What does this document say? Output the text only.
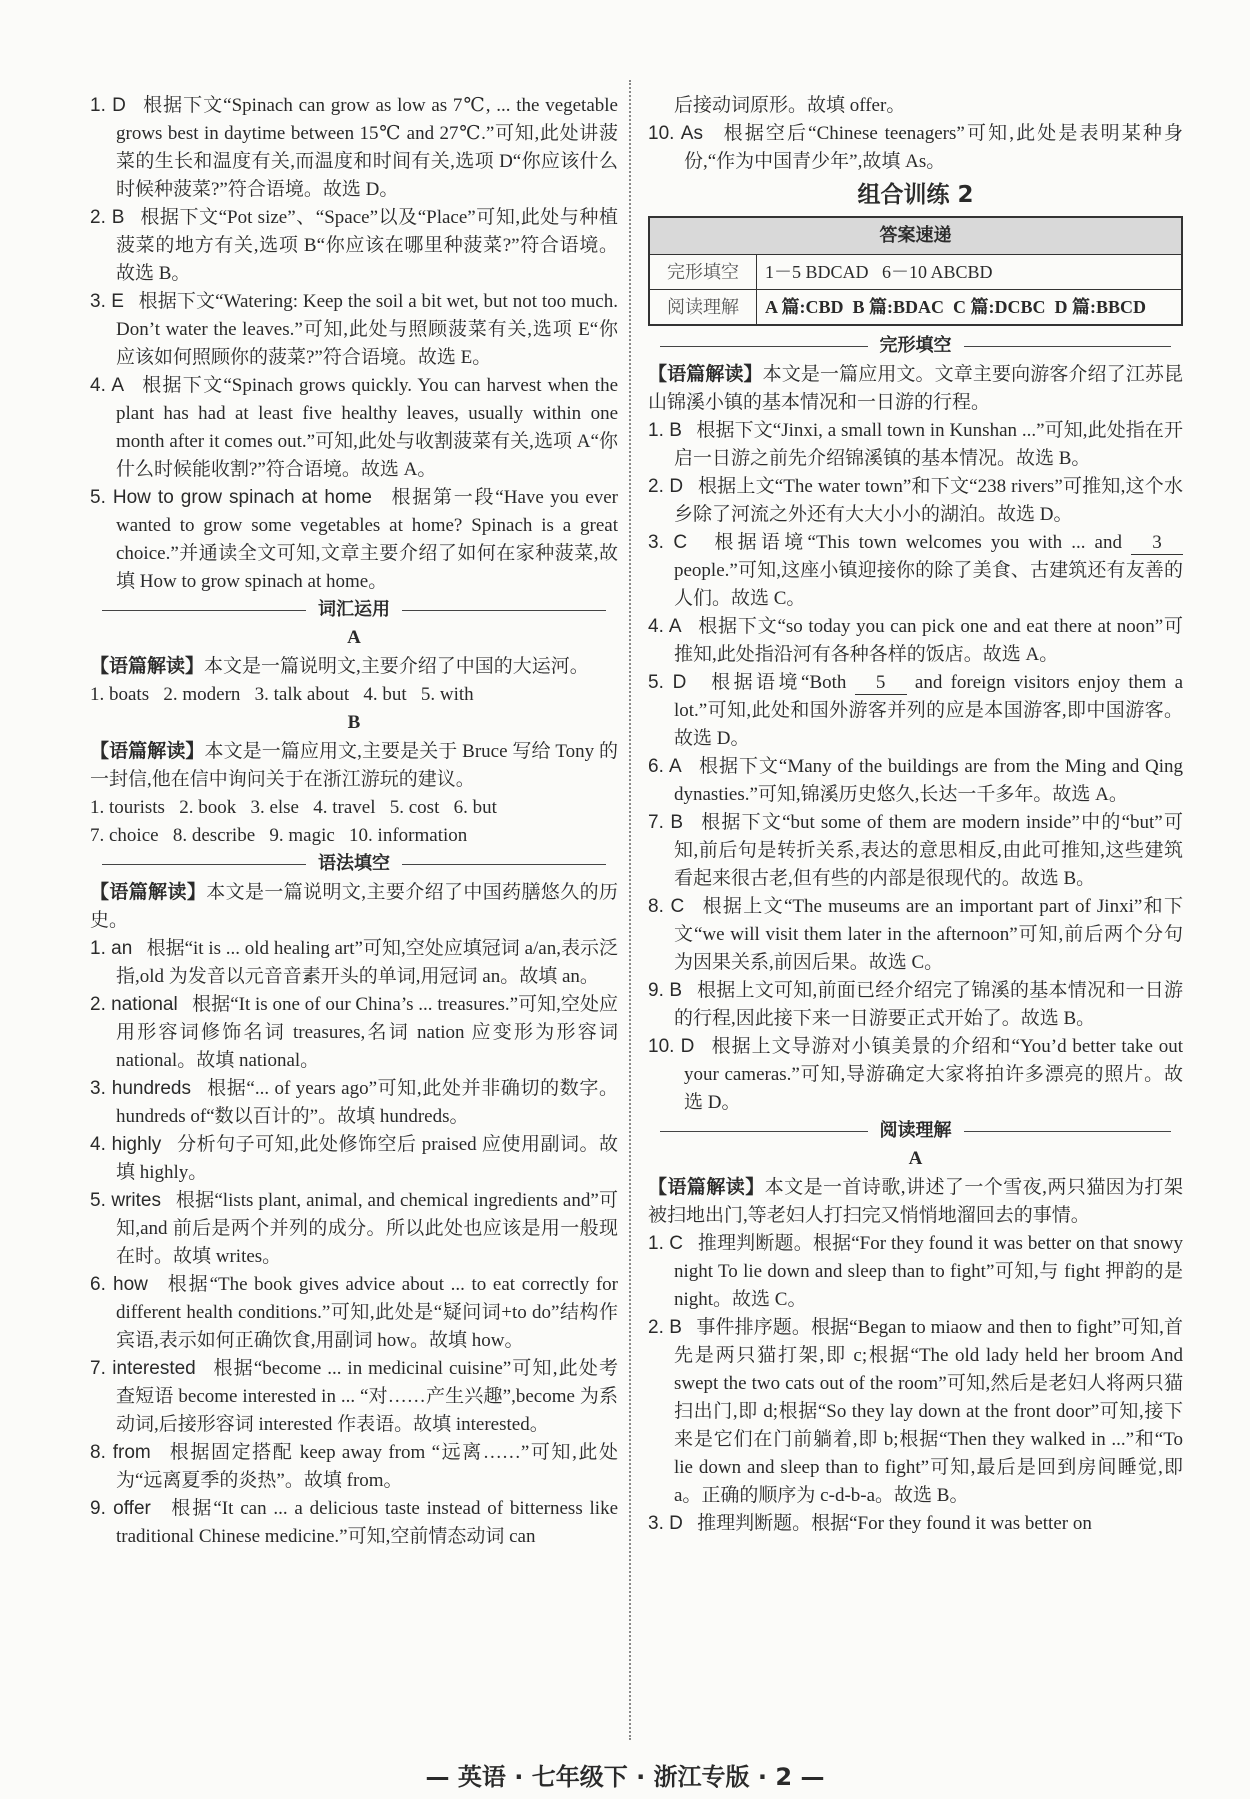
1. D 根据下文“Spinach can grow as low as 7℃, ... the vegetable grows best in daytime between 15℃ and 27℃.”可知,此处讲菠菜的生长和温度有关,而温度和时间有关,选项 D“你应该什么时候种菠菜?”符合语境。故选 D。
2. B 根据下文“Pot size”、“Space”以及“Place”可知,此处与种植菠菜的地方有关,选项 B“你应该在哪里种菠菜?”符合语境。故选 B。
3. E 根据下文“Watering: Keep the soil a bit wet, but not too much. Don’t water the leaves.”可知,此处与照顾菠菜有关,选项 E“你应该如何照顾你的菠菜?”符合语境。故选 E。
4. A 根据下文“Spinach grows quickly. You can harvest when the plant has had at least five healthy leaves, usually within one month after it comes out.”可知,此处与收割菠菜有关,选项 A“你什么时候能收割?”符合语境。故选 A。
5. How to grow spinach at home 根据第一段“Have you ever wanted to grow some vegetables at home? Spinach is a great choice.”并通读全文可知,文章主要介绍了如何在家种菠菜,故填 How to grow spinach at home。
词汇运用
A
【语篇解读】本文是一篇说明文,主要介绍了中国的大运河。
1. boats   2. modern   3. talk about   4. but   5. with
B
【语篇解读】本文是一篇应用文,主要是关于 Bruce 写给 Tony 的一封信,他在信中询问关于在浙江游玩的建议。
1. tourists   2. book   3. else   4. travel   5. cost   6. but
7. choice   8. describe   9. magic   10. information
语法填空
【语篇解读】本文是一篇说明文,主要介绍了中国药膳悠久的历史。
1. an 根据“it is ... old healing art”可知,空处应填冠词 a/an,表示泛指,old 为发音以元音音素开头的单词,用冠词 an。故填 an。
2. national 根据“It is one of our China’s ... treasures.”可知,空处应用形容词修饰名词 treasures,名词 nation 应变形为形容词 national。故填 national。
3. hundreds 根据“... of years ago”可知,此处并非确切的数字。hundreds of“数以百计的”。故填 hundreds。
4. highly 分析句子可知,此处修饰空后 praised 应使用副词。故填 highly。
5. writes 根据“lists plant, animal, and chemical ingredients and”可知,and 前后是两个并列的成分。所以此处也应该是用一般现在时。故填 writes。
6. how 根据“The book gives advice about ... to eat correctly for different health conditions.”可知,此处是“疑问词+to do”结构作宾语,表示如何正确饮食,用副词 how。故填 how。
7. interested 根据“become ... in medicinal cuisine”可知,此处考查短语 become interested in ... “对……产生兴趣”,become 为系动词,后接形容词 interested 作表语。故填 interested。
8. from 根据固定搭配 keep away from “远离……”可知,此处为“远离夏季的炎热”。故填 from。
9. offer 根据“It can ... a delicious taste instead of bitterness like traditional Chinese medicine.”可知,空前情态动词 can
后接动词原形。故填 offer。
10. As 根据空后“Chinese teenagers”可知,此处是表明某种身份,“作为中国青少年”,故填 As。
组合训练 2
答案速递	
完形填空	1－5 BDCAD   6－10 ABCBD
阅读理解	A 篇:CBD  B 篇:BDAC  C 篇:DCBC  D 篇:BBCD
完形填空
【语篇解读】本文是一篇应用文。文章主要向游客介绍了江苏昆山锦溪小镇的基本情况和一日游的行程。
1. B 根据下文“Jinxi, a small town in Kunshan ...”可知,此处指在开启一日游之前先介绍锦溪镇的基本情况。故选 B。
2. D 根据上文“The water town”和下文“238 rivers”可推知,这个水乡除了河流之外还有大大小小的湖泊。故选 D。
3. C 根据语境“This town welcomes you with ... and 3 people.”可知,这座小镇迎接你的除了美食、古建筑还有友善的人们。故选 C。
4. A 根据下文“so today you can pick one and eat there at noon”可推知,此处指沿河有各种各样的饭店。故选 A。
5. D 根据语境“Both 5 and foreign visitors enjoy them a lot.”可知,此处和国外游客并列的应是本国游客,即中国游客。故选 D。
6. A 根据下文“Many of the buildings are from the Ming and Qing dynasties.”可知,锦溪历史悠久,长达一千多年。故选 A。
7. B 根据下文“but some of them are modern inside”中的“but”可知,前后句是转折关系,表达的意思相反,由此可推知,这些建筑看起来很古老,但有些的内部是很现代的。故选 B。
8. C 根据上文“The museums are an important part of Jinxi”和下文“we will visit them later in the afternoon”可知,前后两个分句为因果关系,前因后果。故选 C。
9. B 根据上文可知,前面已经介绍完了锦溪的基本情况和一日游的行程,因此接下来一日游要正式开始了。故选 B。
10. D 根据上文导游对小镇美景的介绍和“You’d better take out your cameras.”可知,导游确定大家将拍许多漂亮的照片。故选 D。
阅读理解
A
【语篇解读】本文是一首诗歌,讲述了一个雪夜,两只猫因为打架被扫地出门,等老妇人打扫完又悄悄地溜回去的事情。
1. C 推理判断题。根据“For they found it was better on that snowy night To lie down and sleep than to fight”可知,与 fight 押韵的是 night。故选 C。
2. B 事件排序题。根据“Began to miaow and then to fight”可知,首先是两只猫打架,即 c;根据“The old lady held her broom And swept the two cats out of the room”可知,然后是老妇人将两只猫扫出门,即 d;根据“So they lay down at the front door”可知,接下来是它们在门前躺着,即 b;根据“Then they walked in ...”和“To lie down and sleep than to fight”可知,最后是回到房间睡觉,即 a。正确的顺序为 c-d-b-a。故选 B。
3. D 推理判断题。根据“For they found it was better on
— 英语 · 七年级下 · 浙江专版 · 2 —
